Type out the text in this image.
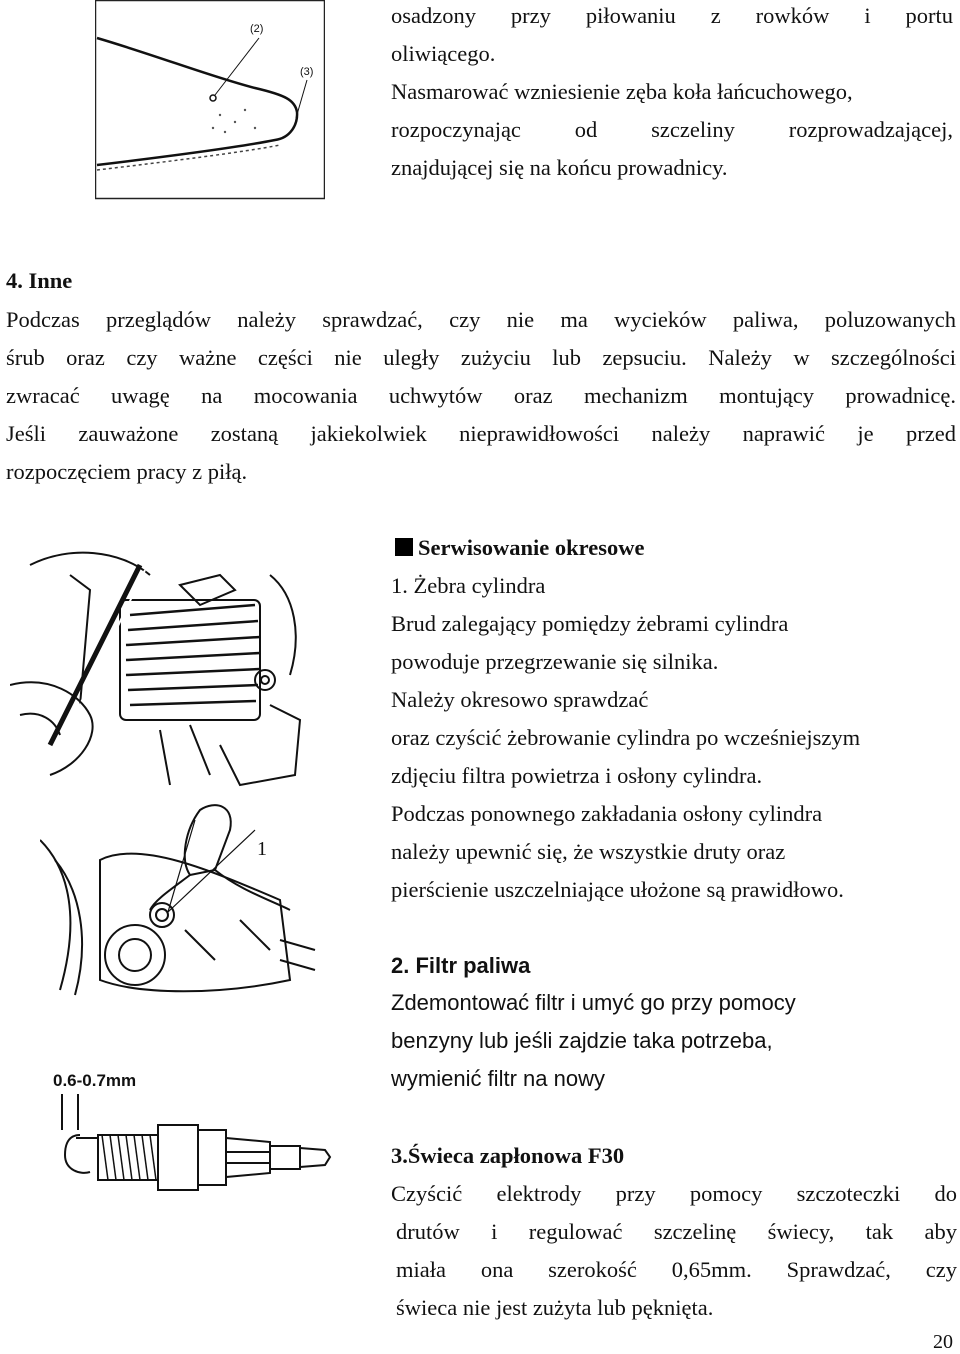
(2)
(3)
osadzony przy piłowaniu z rowków i portu
oliwiącego.
Nasmarować wzniesienie zęba koła łańcuchowego,
rozpoczynając od szczeliny rozprowadzającej,
znajdującej się na końcu prowadnicy.
4. Inne
Podczas przeglądów należy sprawdzać, czy nie ma wycieków paliwa, poluzowanych
śrub oraz czy ważne części nie uległy zużyciu lub zepsuciu. Należy w szczególności
zwracać uwagę na mocowania uchwytów oraz mechanizm montujący prowadnicę.
Jeśli zauważone zostaną jakiekolwiek nieprawidłowości należy naprawić je przed
rozpoczęciem pracy z piłą.
Serwisowanie okresowe
1. Żebra cylindra
Brud zalegający pomiędzy żebrami cylindra
powoduje przegrzewanie się silnika.
Należy okresowo sprawdzać
oraz czyścić żebrowanie cylindra po wcześniejszym
zdjęciu filtra powietrza i osłony cylindra.
Podczas ponownego zakładania osłony cylindra
należy upewnić się, że wszystkie druty oraz
pierścienie uszczelniające ułożone są prawidłowo.
2. Filtr paliwa
Zdemontować filtr i umyć go przy pomocy
benzyny lub jeśli zajdzie taka potrzeba,
wymienić filtr na nowy
3.Świeca zapłonowa F30
Czyścić elektrody przy pomocy szczoteczki do
drutów i regulować szczelinę świecy, tak aby
miała ona szerokość 0,65mm. Sprawdzać, czy
świeca nie jest zużyta lub pęknięta.
1
0.6-0.7mm
20
